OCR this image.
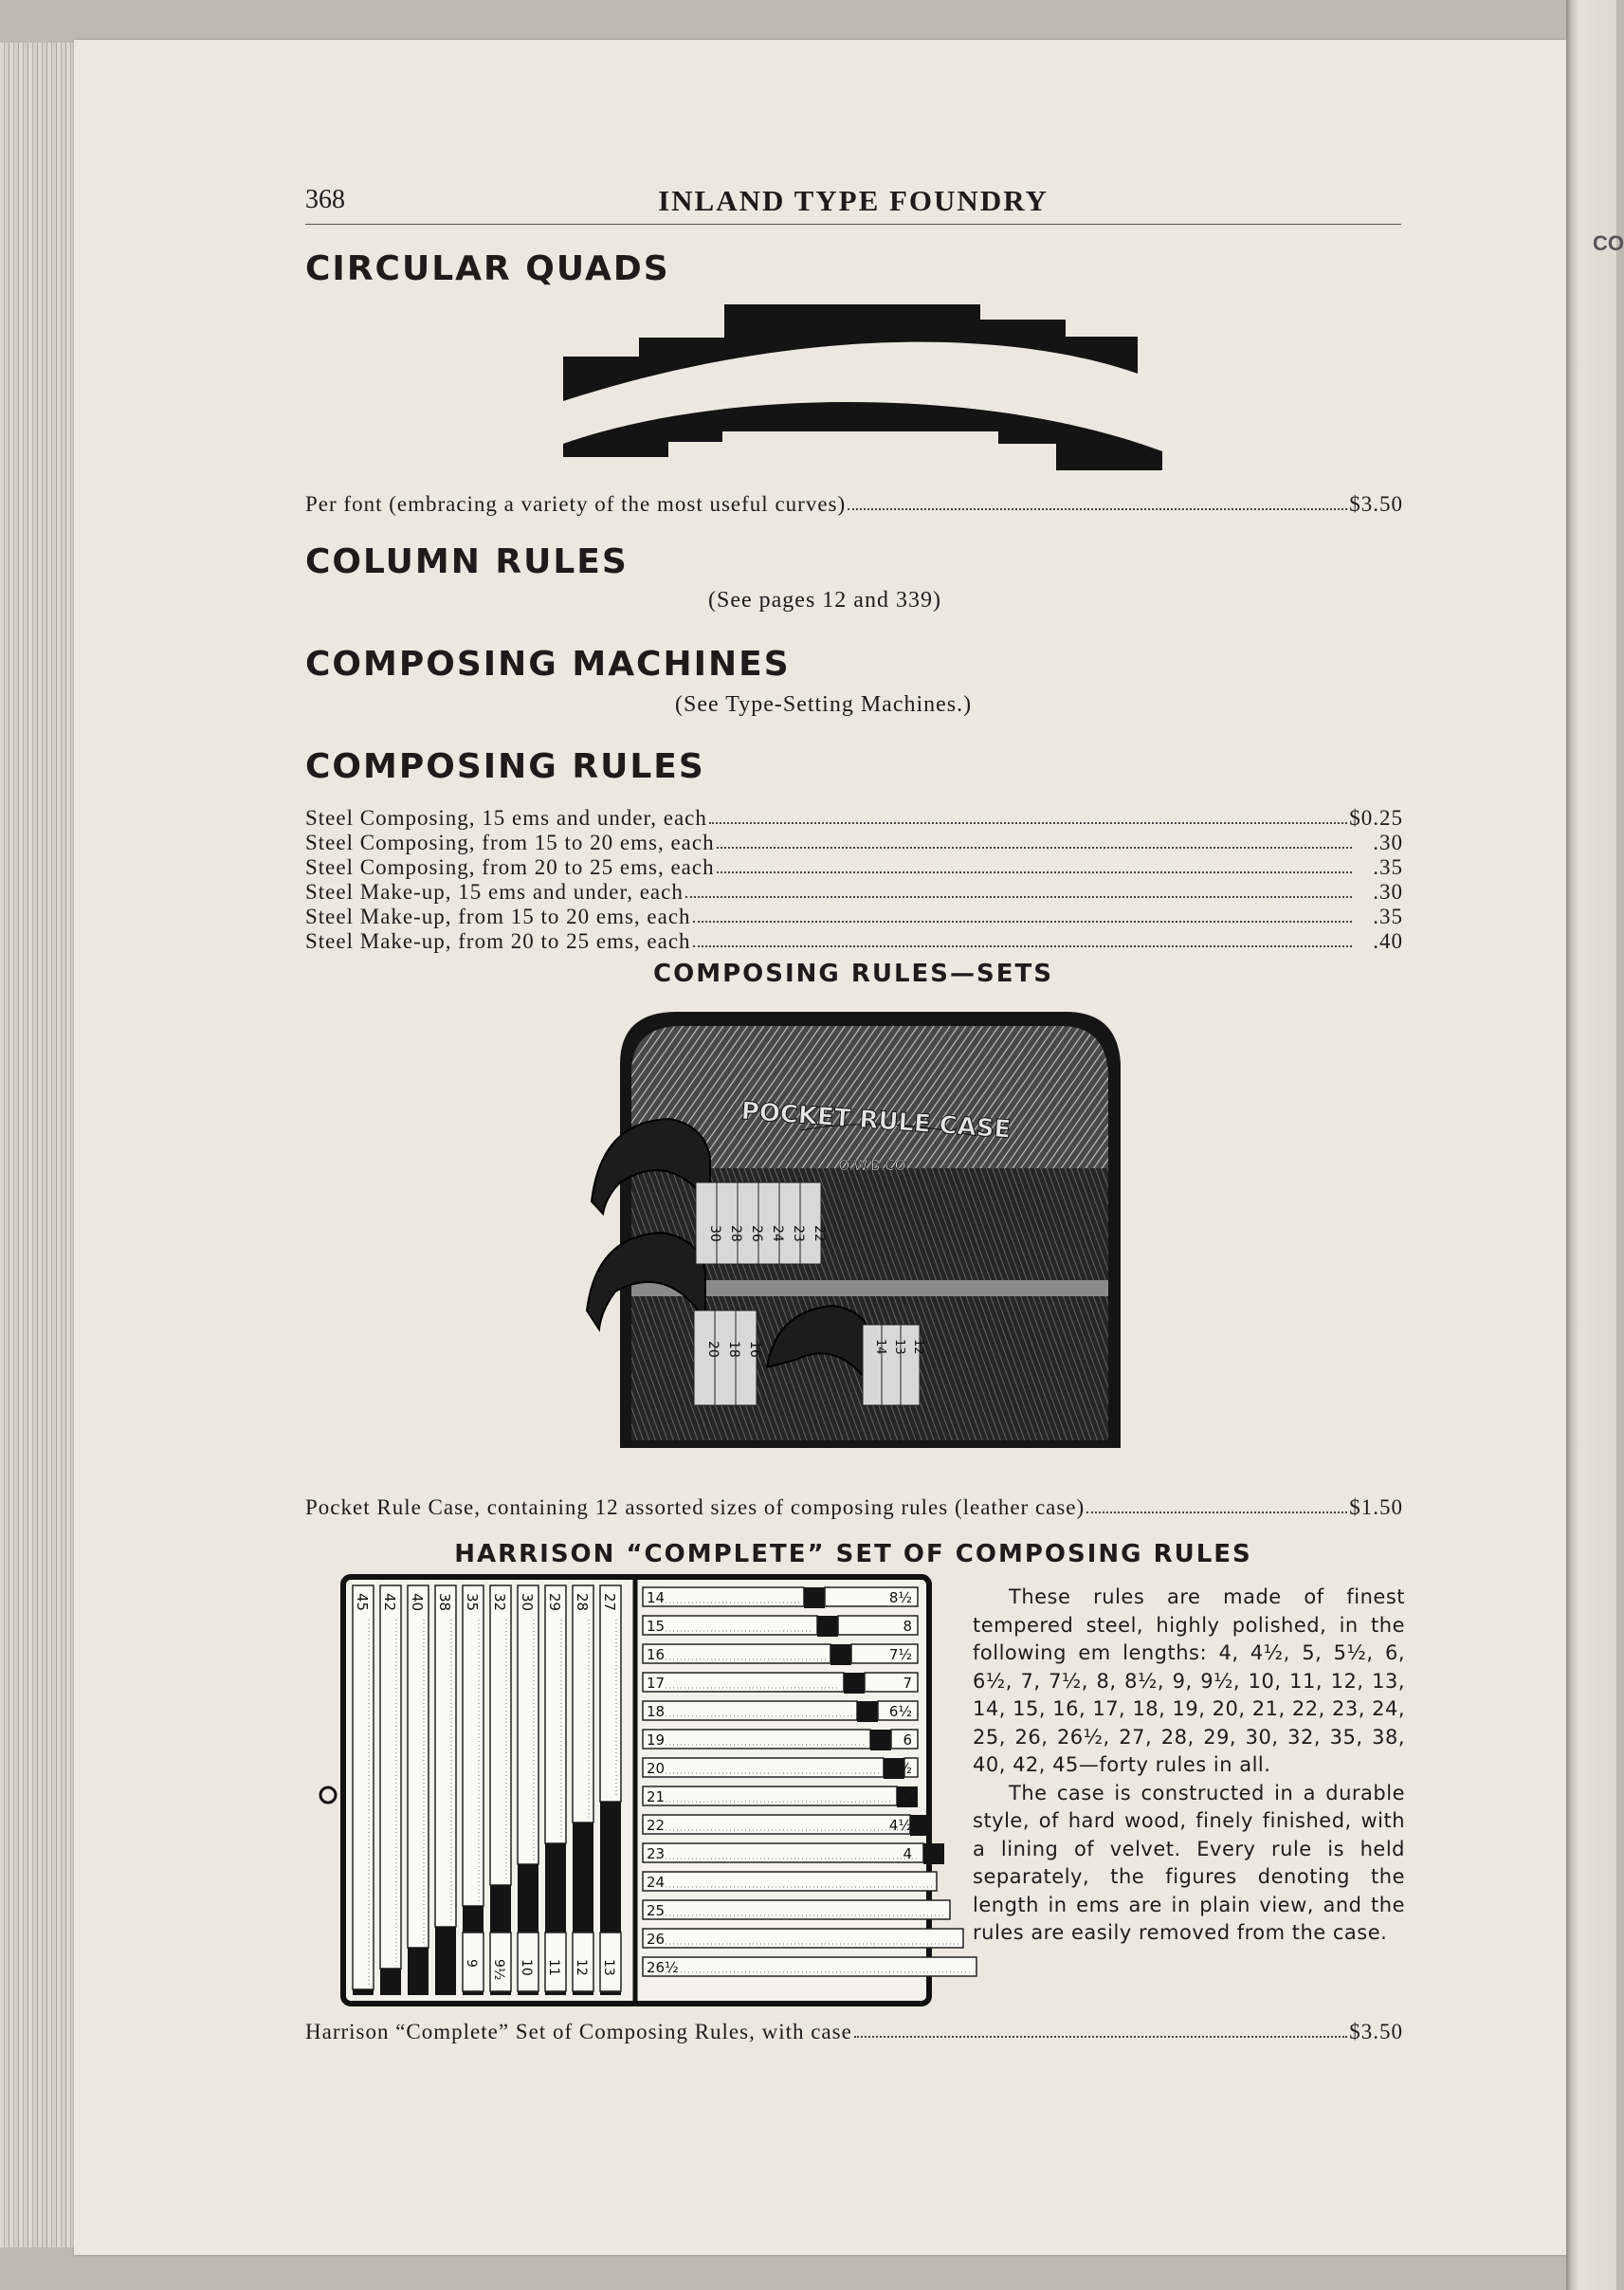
CO
368	INLAND TYPE FOUNDRY
CIRCULAR QUADS
Per font (embracing a variety of the most useful curves)	$3.50
COLUMN RULES
(See pages 12 and 339)
COMPOSING MACHINES
(See Type-Setting Machines.)
COMPOSING RULES
Steel Composing, 15 ems and under, each	$0.25
Steel Composing, from 15 to 20 ems, each	.30
Steel Composing, from 20 to 25 ems, each	.35
Steel Make-up, 15 ems and under, each	.30
Steel Make-up, from 15 to 20 ems, each	.35
Steel Make-up, from 20 to 25 ems, each	.40
COMPOSING RULES—SETS
POCKET RULE CASE
O.W.B.CO.
30 28 26 24 23 22
20 18 16	14 13 12
Pocket Rule Case, containing 12 assorted sizes of composing rules (leather case)	$1.50
HARRISON “COMPLETE” SET OF COMPOSING RULES
45 42 40 38 35 32 30 29 28 27
9 9½ 10 11 12 13
14
15
16
17
18
19
20
21
22
23
24
25
26
26½
8½
8
7½
7
6½
6
5½
5
4½
4

These rules are made of finest tempered steel, highly polished, in the following em lengths: 4, 4½, 5, 5½, 6, 6½, 7, 7½, 8, 8½, 9, 9½, 10, 11, 12, 13, 14, 15, 16, 17, 18, 19, 20, 21, 22, 23, 24, 25, 26, 26½, 27, 28, 29, 30, 32, 35, 38, 40, 42, 45—forty rules in all.

The case is constructed in a durable style, of hard wood, finely finished, with a lining of velvet. Every rule is held separately, the figures denoting the length in ems are in plain view, and the rules are easily removed from the case.

Harrison “Complete” Set of Composing Rules, with case	$3.50
